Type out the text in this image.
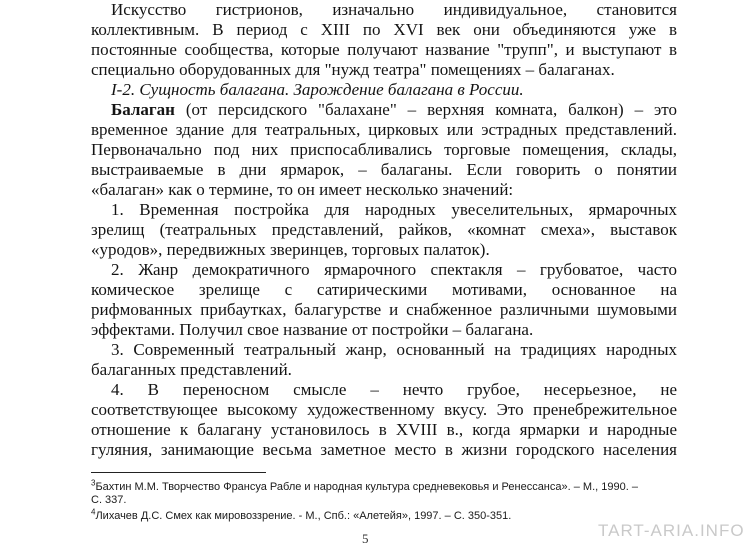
Искусство гистрионов, изначально индивидуальное, становится
коллективным. В период с XIII по XVI век они объединяются уже в
постоянные сообщества, которые получают название "трупп", и выступают в
специально оборудованных для "нужд театра" помещениях – балаганах.
I-2. Сущность балагана. Зарождение балагана в России.
Балаган (от персидского "балахане" – верхняя комната, балкон) – это
временное здание для театральных, цирковых или эстрадных представлений.
Первоначально под них приспосабливались торговые помещения, склады,
выстраиваемые в дни ярмарок, – балаганы. Если говорить о понятии
«балаган» как о термине, то он имеет несколько значений:
1. Временная постройка для народных увеселительных, ярмарочных
зрелищ (театральных представлений, райков, «комнат смеха», выставок
«уродов», передвижных зверинцев, торговых палаток).
2. Жанр демократичного ярмарочного спектакля – грубоватое, часто
комическое зрелище с сатирическими мотивами, основанное на
рифмованных прибаутках, балагурстве и снабженное различными шумовыми
эффектами. Получил свое название от постройки – балагана.
3. Современный театральный жанр, основанный на традициях народных
балаганных представлений.
4. В переносном смысле – нечто грубое, несерьезное, не
соответствующее высокому художественному вкусу. Это пренебрежительное
отношение к балагану установилось в XVIII в., когда ярмарки и народные
гуляния, занимающие весьма заметное место в жизни городского населения
$^3$Бахтин М.М. Творчество Франсуа Рабле и народная культура средневековья и Ренессанса». – М., 1990. –
С. 337.
$^4$Лихачев Д.С. Смех как мировоззрение. - М., Спб.: «Алетейя», 1997. – С. 350-351.
5	TART-ARIA.INFO
